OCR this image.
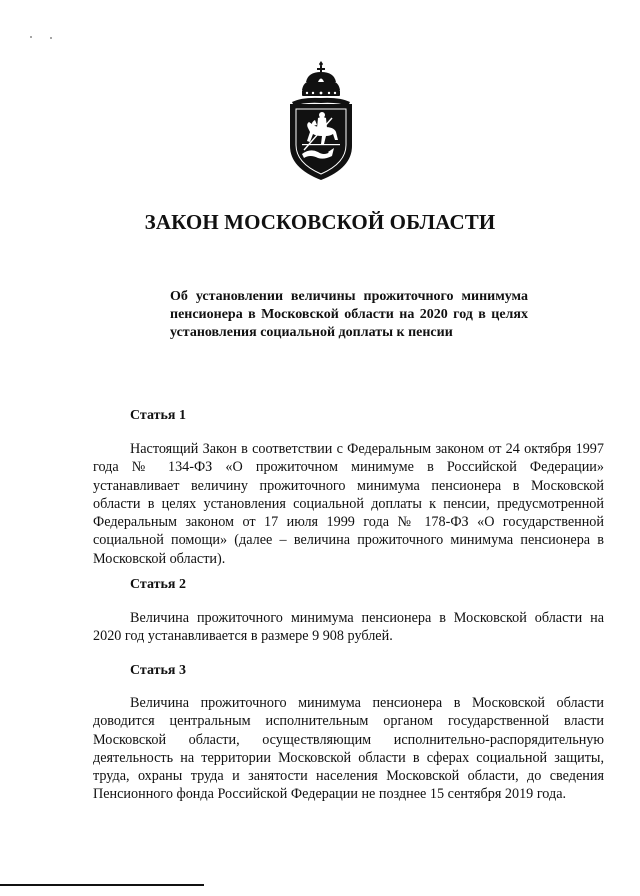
ЗАКОН МОСКОВСКОЙ ОБЛАСТИ
Об установлении величины прожиточного минимума пенсионера в Московской области на 2020 год в целях установления социальной доплаты к пенсии
Статья 1
Настоящий Закон в соответствии с Федеральным законом от 24 октября 1997 года № 134-ФЗ «О прожиточном минимуме в Российской Федерации» устанавливает величину прожиточного минимума пенсионера в Московской области в целях установления социальной доплаты к пенсии, предусмотренной Федеральным законом от 17 июля 1999 года № 178-ФЗ «О государственной социальной помощи» (далее – величина прожиточного минимума пенсионера в Московской области).
Статья 2
Величина прожиточного минимума пенсионера в Московской области на 2020 год устанавливается в размере 9 908 рублей.
Статья 3
Величина прожиточного минимума пенсионера в Московской области доводится центральным исполнительным органом государственной власти Московской области, осуществляющим исполнительно-распорядительную деятельность на территории Московской области в сферах социальной защиты, труда, охраны труда и занятости населения Московской области, до сведения Пенсионного фонда Российской Федерации не позднее 15 сентября 2019 года.
